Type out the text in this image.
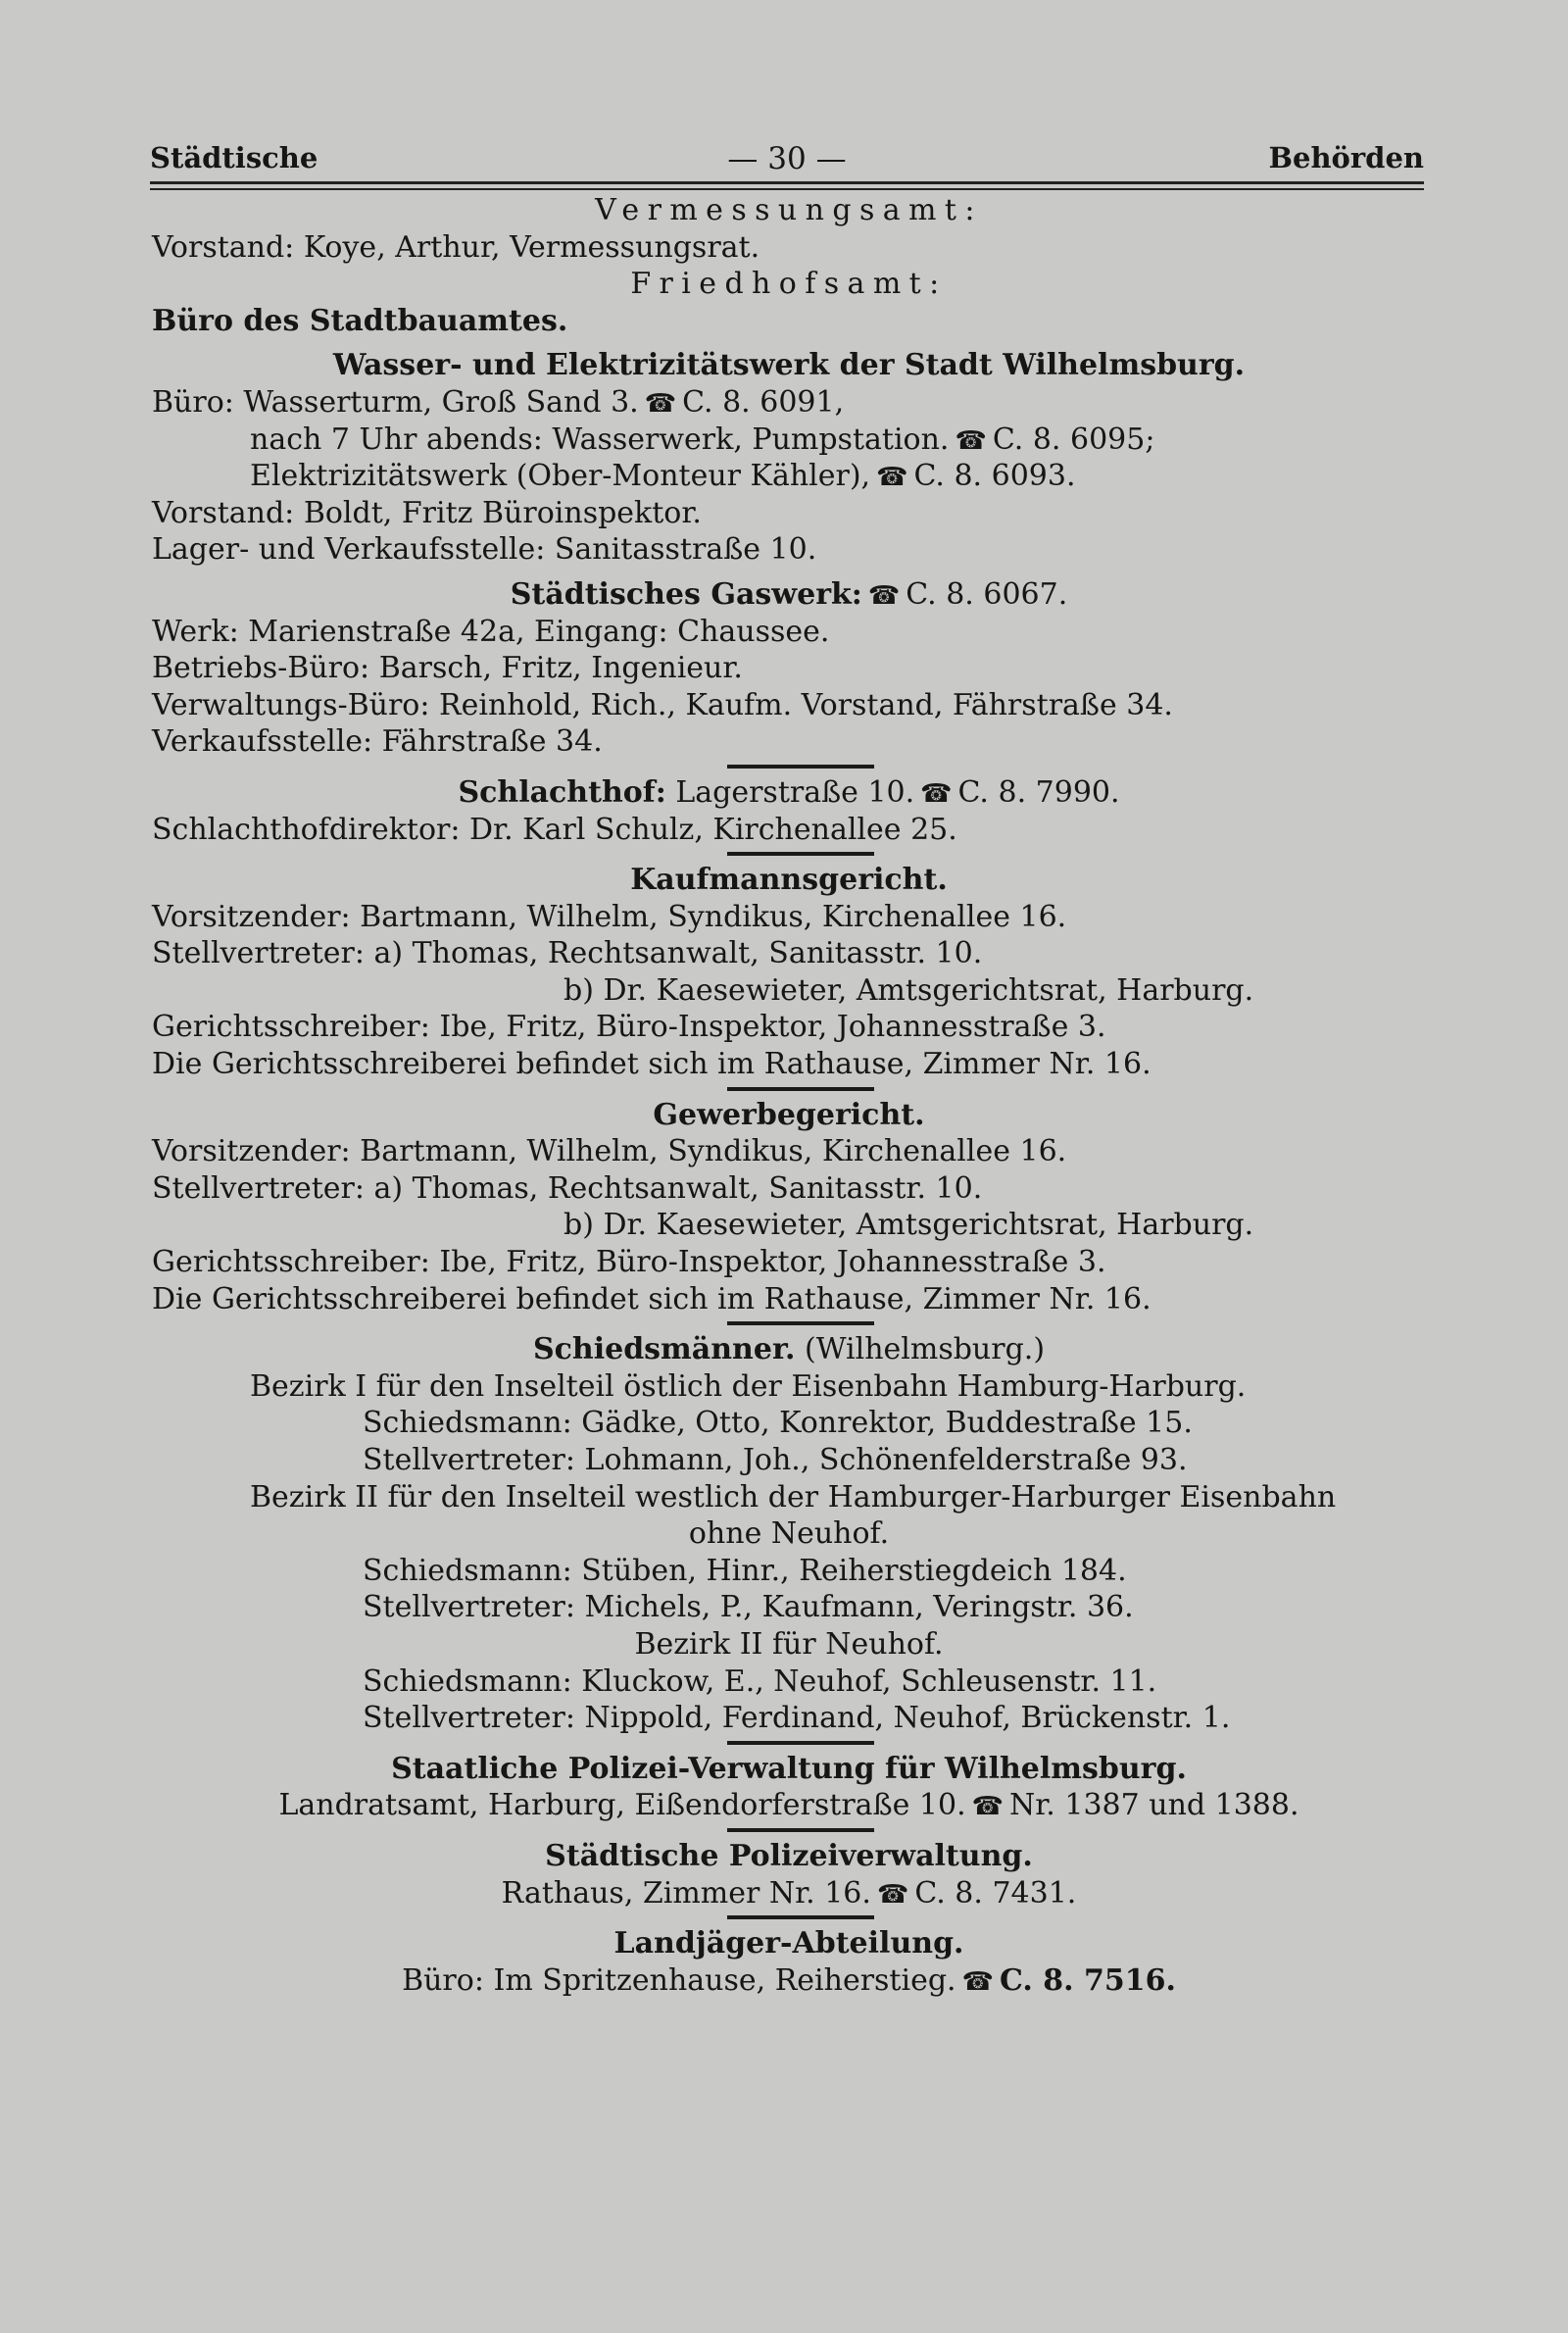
Städtische	— 30 —	Behörden
Vermessungsamt:
Vorstand: Koye, Arthur, Vermessungsrat.
Friedhofsamt:
Büro des Stadtbauamtes.
Wasser- und Elektrizitätswerk der Stadt Wilhelmsburg.
Büro: Wasserturm, Groß Sand 3. ☎ C. 8. 6091,
nach 7 Uhr abends: Wasserwerk, Pumpstation. ☎ C. 8. 6095;
Elektrizitätswerk (Ober-Monteur Kähler), ☎ C. 8. 6093.
Vorstand: Boldt, Fritz Büroinspektor.
Lager- und Verkaufsstelle: Sanitasstraße 10.
Städtisches Gaswerk: ☎ C. 8. 6067.
Werk: Marienstraße 42a, Eingang: Chaussee.
Betriebs-Büro: Barsch, Fritz, Ingenieur.
Verwaltungs-Büro: Reinhold, Rich., Kaufm. Vorstand, Fährstraße 34.
Verkaufsstelle: Fährstraße 34.
Schlachthof: Lagerstraße 10. ☎ C. 8. 7990.
Schlachthofdirektor: Dr. Karl Schulz, Kirchenallee 25.
Kaufmannsgericht.
Vorsitzender: Bartmann, Wilhelm, Syndikus, Kirchenallee 16.
Stellvertreter: a) Thomas, Rechtsanwalt, Sanitasstr. 10.
b) Dr. Kaesewieter, Amtsgerichtsrat, Harburg.
Gerichtsschreiber: Ibe, Fritz, Büro-Inspektor, Johannesstraße 3.
Die Gerichtsschreiberei befindet sich im Rathause, Zimmer Nr. 16.
Gewerbegericht.
Vorsitzender: Bartmann, Wilhelm, Syndikus, Kirchenallee 16.
Stellvertreter: a) Thomas, Rechtsanwalt, Sanitasstr. 10.
b) Dr. Kaesewieter, Amtsgerichtsrat, Harburg.
Gerichtsschreiber: Ibe, Fritz, Büro-Inspektor, Johannesstraße 3.
Die Gerichtsschreiberei befindet sich im Rathause, Zimmer Nr. 16.
Schiedsmänner. (Wilhelmsburg.)
Bezirk I für den Inselteil östlich der Eisenbahn Hamburg-Harburg.
Schiedsmann: Gädke, Otto, Konrektor, Buddestraße 15.
Stellvertreter: Lohmann, Joh., Schönenfelderstraße 93.
Bezirk II für den Inselteil westlich der Hamburger-Harburger Eisenbahn
ohne Neuhof.
Schiedsmann: Stüben, Hinr., Reiherstiegdeich 184.
Stellvertreter: Michels, P., Kaufmann, Veringstr. 36.
Bezirk II für Neuhof.
Schiedsmann: Kluckow, E., Neuhof, Schleusenstr. 11.
Stellvertreter: Nippold, Ferdinand, Neuhof, Brückenstr. 1.
Staatliche Polizei-Verwaltung für Wilhelmsburg.
Landratsamt, Harburg, Eißendorferstraße 10. ☎ Nr. 1387 und 1388.
Städtische Polizeiverwaltung.
Rathaus, Zimmer Nr. 16. ☎ C. 8. 7431.
Landjäger-Abteilung.
Büro: Im Spritzenhause, Reiherstieg. ☎ C. 8. 7516.
